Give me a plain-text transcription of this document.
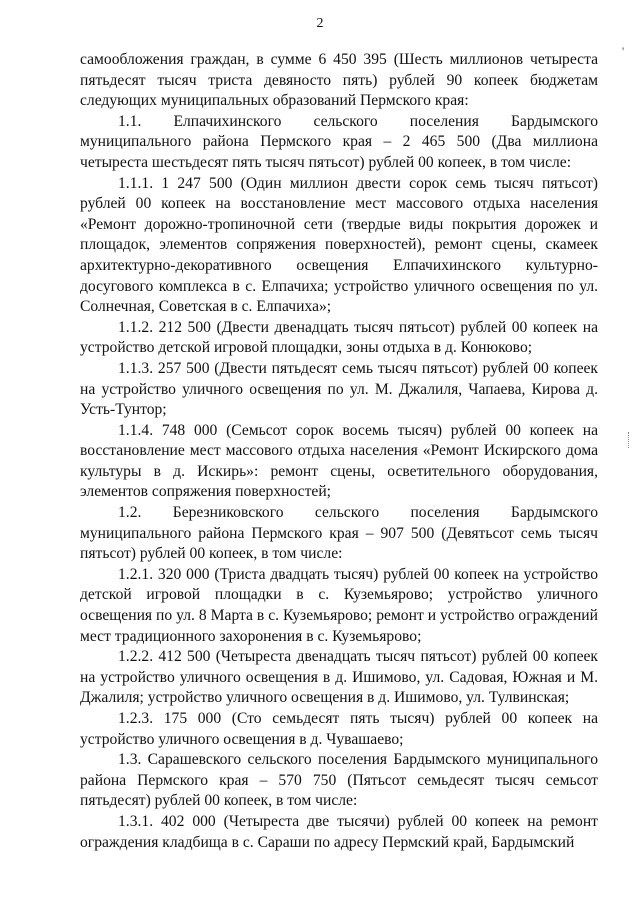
2
'

самообложения граждан, в сумме 6 450 395 (Шесть миллионов четыреста пятьдесят тысяч триста девяносто пять) рублей 90 копеек бюджетам следующих муниципальных образований Пермского края:

1.1. Елпачихинского сельского поселения Бардымского муниципального района Пермского края – 2 465 500 (Два миллиона четыреста шестьдесят пять тысяч пятьсот) рублей 00 копеек, в том числе:

1.1.1. 1 247 500 (Один миллион двести сорок семь тысяч пятьсот) рублей 00 копеек на восстановление мест массового отдыха населения «Ремонт дорожно-тропиночной сети (твердые виды покрытия дорожек и площадок, элементов сопряжения поверхностей), ремонт сцены, скамеек архитектурно-декоративного освещения Елпачихинского культурно-досугового комплекса в с. Елпачиха; устройство уличного освещения по ул. Солнечная, Советская в с. Елпачиха»;

1.1.2. 212 500 (Двести двенадцать тысяч пятьсот) рублей 00 копеек на устройство детской игровой площадки, зоны отдыха в д. Конюково;

1.1.3. 257 500 (Двести пятьдесят семь тысяч пятьсот) рублей 00 копеек на устройство уличного освещения по ул. М. Джалиля, Чапаева, Кирова д. Усть-Тунтор;

1.1.4. 748 000 (Семьсот сорок восемь тысяч) рублей 00 копеек на восстановление мест массового отдыха населения «Ремонт Искирского дома культуры в д. Искирь»: ремонт сцены, осветительного оборудования, элементов сопряжения поверхностей;

1.2. Березниковского сельского поселения Бардымского муниципального района Пермского края – 907 500 (Девятьсот семь тысяч пятьсот) рублей 00 копеек, в том числе:

1.2.1. 320 000 (Триста двадцать тысяч) рублей 00 копеек на устройство детской игровой площадки в с. Куземьярово; устройство уличного освещения по ул. 8 Марта в с. Куземьярово; ремонт и устройство ограждений мест традиционного захоронения в с. Куземьярово;

1.2.2. 412 500 (Четыреста двенадцать тысяч пятьсот) рублей 00 копеек на устройство уличного освещения в д. Ишимово, ул. Садовая, Южная и М. Джалиля; устройство уличного освещения в д. Ишимово, ул. Тулвинская;

1.2.3. 175 000 (Сто семьдесят пять тысяч) рублей 00 копеек на устройство уличного освещения в д. Чувашаево;

1.3. Сарашевского сельского поселения Бардымского муниципального района Пермского края – 570 750 (Пятьсот семьдесят тысяч семьсот пятьдесят) рублей 00 копеек, в том числе:

1.3.1. 402 000 (Четыреста две тысячи) рублей 00 копеек на ремонт ограждения кладбища в с. Сараши по адресу Пермский край, Бардымский
